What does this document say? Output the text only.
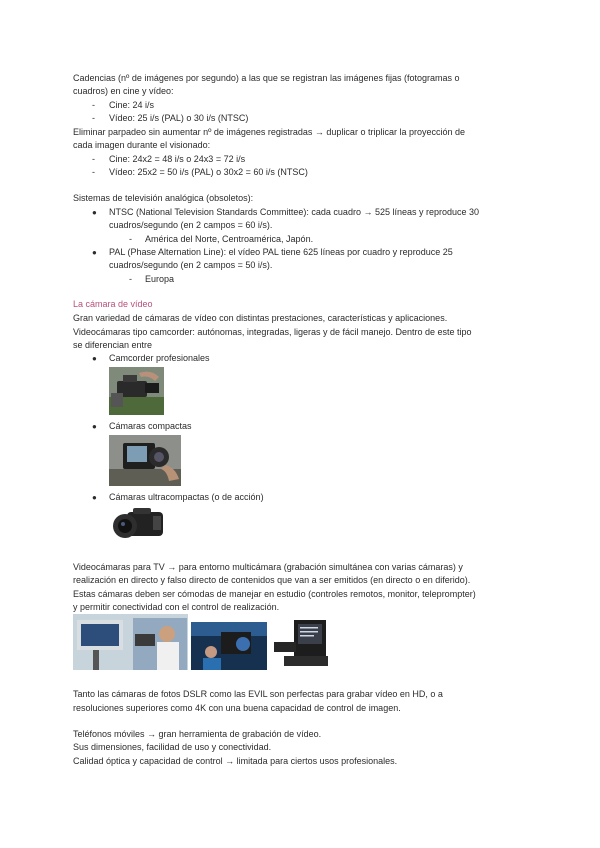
Cadencias (nº de imágenes por segundo) a las que se registran las imágenes fijas (fotogramas o
cuadros) en cine y vídeo:
- Cine: 24 i/s
- Vídeo: 25 i/s (PAL) o 30 i/s (NTSC)
Eliminar parpadeo sin aumentar nº de imágenes registradas → duplicar o triplicar la proyección de
cada imagen durante el visionado:
- Cine: 24x2 = 48 i/s o 24x3 = 72 i/s
- Vídeo: 25x2 = 50 i/s (PAL) o 30x2 = 60 i/s (NTSC)
Sistemas de televisión analógica (obsoletos):
● NTSC (National Television Standards Committee): cada cuadro → 525 líneas y reproduce 30
cuadros/segundo (en 2 campos = 60 i/s).
- América del Norte, Centroamérica, Japón.
● PAL (Phase Alternation Line): el vídeo PAL tiene 625 líneas por cuadro y reproduce 25
cuadros/segundo (en 2 campos = 50 i/s).
- Europa
La cámara de vídeo
Gran variedad de cámaras de vídeo con distintas prestaciones, características y aplicaciones.
Videocámaras tipo camcorder: autónomas, integradas, ligeras y de fácil manejo. Dentro de este tipo
se diferencian entre
● Camcorder profesionales
● Cámaras compactas
● Cámaras ultracompactas (o de acción)
Videocámaras para TV → para entorno multicámara (grabación simultánea con varias cámaras) y
realización en directo y falso directo de contenidos que van a ser emitidos (en directo o en diferido).
Estas cámaras deben ser cómodas de manejar en estudio (controles remotos, monitor, teleprompter)
y permitir conectividad con el control de realización.
Tanto las cámaras de fotos DSLR como las EVIL son perfectas para grabar vídeo en HD, o a
resoluciones superiores como 4K con una buena capacidad de control de imagen.
Teléfonos móviles → gran herramienta de grabación de vídeo.
Sus dimensiones, facilidad de uso y conectividad.
Calidad óptica y capacidad de control → limitada para ciertos usos profesionales.
